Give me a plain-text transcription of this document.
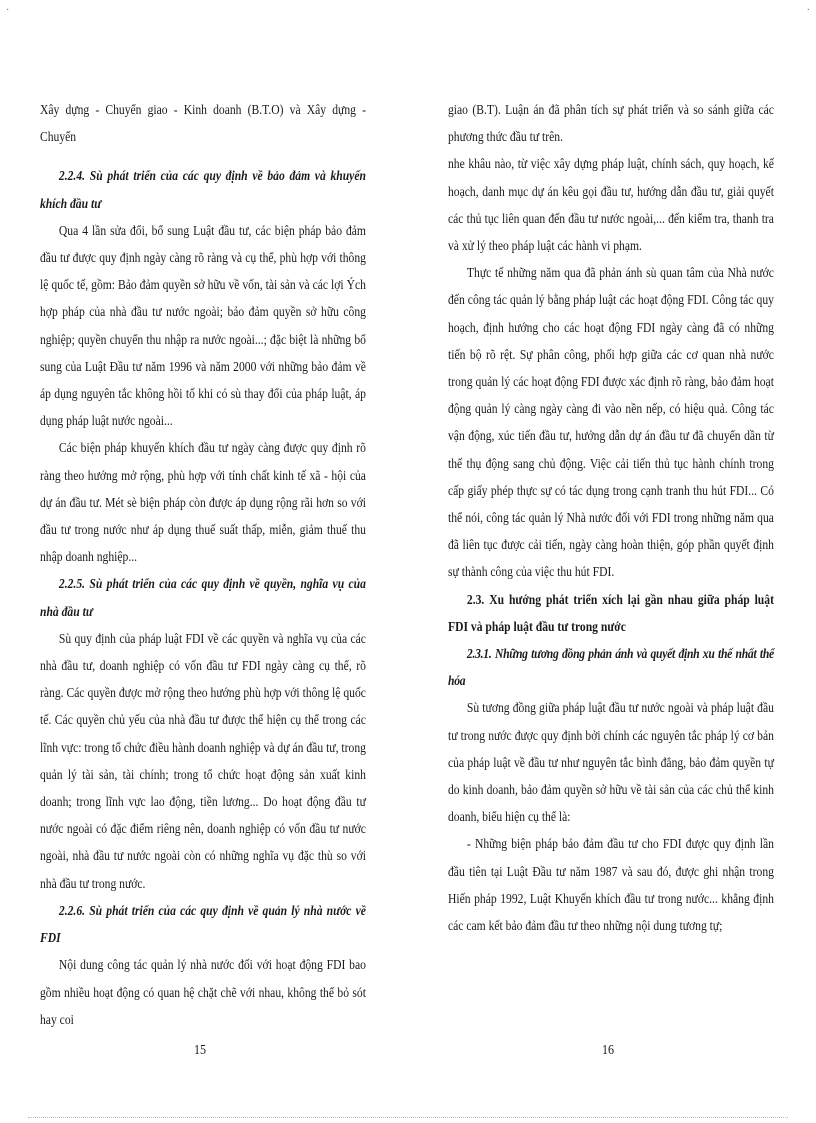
·	·

Xây dựng - Chuyển giao - Kinh doanh (B.T.O) và Xây dựng - Chuyển

2.2.4. Sù phát triển của các quy định về bảo đảm và khuyến khích đầu tư

Qua 4 lần sửa đổi, bổ sung Luật đầu tư, các biện pháp bảo đảm đầu tư được quy định ngày càng rõ ràng và cụ thể, phù hợp với thông lệ quốc tế, gồm: Bảo đảm quyền sở hữu về vốn, tài sản và các lợi Ých hợp pháp của nhà đầu tư nước ngoài; bảo đảm quyền sở hữu công nghiệp; quyền chuyển thu nhập ra nước ngoài...; đặc biệt là những bổ sung của Luật Đầu tư năm 1996 và năm 2000 với những bảo đảm về áp dụng nguyên tắc không hồi tố khi có sù thay đổi của pháp luật, áp dụng pháp luật nước ngoài...

Các biện pháp khuyến khích đầu tư ngày càng được quy định rõ ràng theo hướng mở rộng, phù hợp với tính chất kinh tế xã - hội của dự án đầu tư. Mét sè biện pháp còn được áp dụng rộng rãi hơn so với đầu tư trong nước như áp dụng thuế suất thấp, miễn, giảm thuế thu nhập doanh nghiệp...

2.2.5. Sù phát triển của các quy định về quyền, nghĩa vụ của nhà đầu tư

Sù quy định của pháp luật FDI về các quyền và nghĩa vụ của các nhà đầu tư, doanh nghiệp có vốn đầu tư FDI ngày càng cụ thể, rõ ràng. Các quyền được mở rộng theo hướng phù hợp với thông lệ quốc tế. Các quyền chủ yếu của nhà đầu tư được thể hiện cụ thể trong các lĩnh vực: trong tổ chức điều hành doanh nghiệp và dự án đầu tư, trong quản lý tài sản, tài chính; trong tổ chức hoạt động sản xuất kinh doanh; trong lĩnh vực lao động, tiền lương... Do hoạt động đầu tư nước ngoài có đặc điểm riêng nên, doanh nghiệp có vốn đầu tư nước ngoài, nhà đầu tư nước ngoài còn có những nghĩa vụ đặc thù so với nhà đầu tư trong nước.

2.2.6. Sù phát triển của các quy định về quản lý nhà nước về FDI

Nội dung công tác quản lý nhà nước đối với hoạt động FDI bao gồm nhiều hoạt động có quan hệ chặt chẽ với nhau, không thể bỏ sót hay coi

giao (B.T). Luận án đã phân tích sự phát triển và so sánh giữa các phương thức đầu tư trên.

nhe khâu nào, từ việc xây dựng pháp luật, chính sách, quy hoạch, kế hoạch, danh mục dự án kêu gọi đầu tư, hướng dẫn đầu tư, giải quyết các thủ tục liên quan đến đầu tư nước ngoài,... đến kiểm tra, thanh tra và xử lý theo pháp luật các hành vi phạm.

Thực tế những năm qua đã phản ánh sù quan tâm của Nhà nước đến công tác quản lý bằng pháp luật các hoạt động FDI. Công tác quy hoạch, định hướng cho các hoạt động FDI ngày càng đã có những tiến bộ rõ rệt. Sự phân công, phối hợp giữa các cơ quan nhà nước trong quản lý các hoạt động FDI được xác định rõ ràng, bảo đảm hoạt động quản lý càng ngày càng đi vào nền nếp, có hiệu quả. Công tác vận động, xúc tiến đầu tư, hướng dẫn dự án đầu tư đã chuyển dần từ thế thụ động sang chủ động. Việc cải tiến thủ tục hành chính trong cấp giấy phép thực sự có tác dụng trong cạnh tranh thu hút FDI... Có thể nói, công tác quản lý Nhà nước đối với FDI trong những năm qua đã liên tục được cải tiến, ngày càng hoàn thiện, góp phần quyết định sự thành công của việc thu hút FDI.

2.3. Xu hướng phát triển xích lại gần nhau giữa pháp luật FDI và pháp luật đầu tư trong nước

2.3.1. Những tương đồng phản ánh và quyết định xu thế nhất thể hóa

Sù tương đồng giữa pháp luật đầu tư nước ngoài và pháp luật đầu tư trong nước được quy định bởi chính các nguyên tắc pháp lý cơ bản của pháp luật về đầu tư như nguyên tắc bình đẳng, bảo đảm quyền tự do kinh doanh, bảo đảm quyền sở hữu về tài sản của các chủ thể kinh doanh, biểu hiện cụ thể là:

- Những biện pháp bảo đảm đầu tư cho FDI được quy định lần đầu tiên tại Luật Đầu tư năm 1987 và sau đó, được ghi nhận trong Hiến pháp 1992, Luật Khuyến khích đầu tư trong nước... khẳng định các cam kết bảo đảm đầu tư theo những nội dung tương tự;

15	16
